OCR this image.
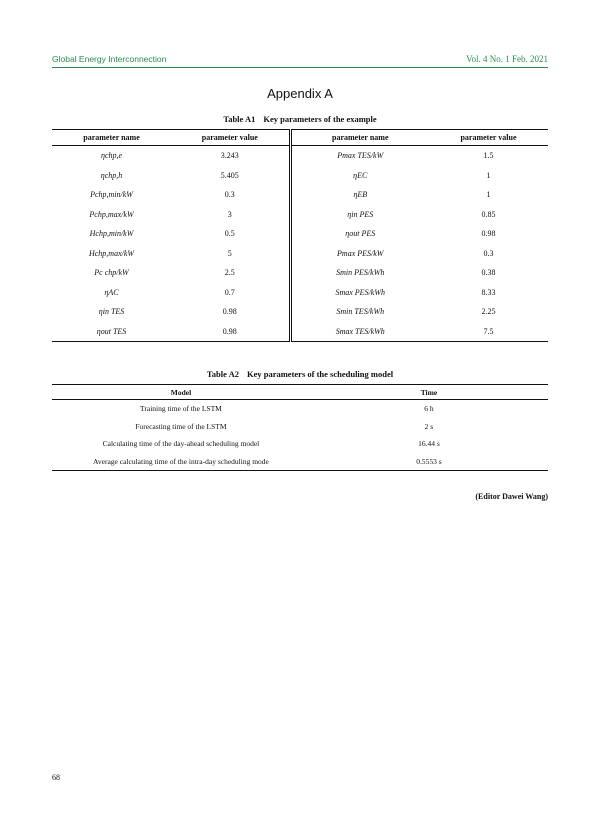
Global Energy Interconnection	Vol. 4 No. 1 Feb. 2021
Appendix A
Table A1 Key parameters of the example
parameter name	parameter value	parameter name	parameter value
ηchp,e	3.243	Pmax TES/kW	1.5
ηchp,h	5.405	ηEC	1
Pchp,min/kW	0.3	ηEB	1
Pchp,max/kW	3	ηin PES	0.85
Hchp,min/kW	0.5	ηout PES	0.98
Hchp,max/kW	5	Pmax PES/kW	0.3
Pc chp/kW	2.5	Smin PES/kWh	0.38
ηAC	0.7	Smax PES/kWh	8.33
ηin TES	0.98	Smin TES/kWh	2.25
ηout TES	0.98	Smax TES/kWh	7.5
Table A2 Key parameters of the scheduling model
Model	Time
Training time of the LSTM	6 h
Forecasting time of the LSTM	2 s
Calculating time of the day-ahead scheduling model	16.44 s
Average calculating time of the intra-day scheduling mode	0.5553 s
(Editor Dawei Wang)
68
